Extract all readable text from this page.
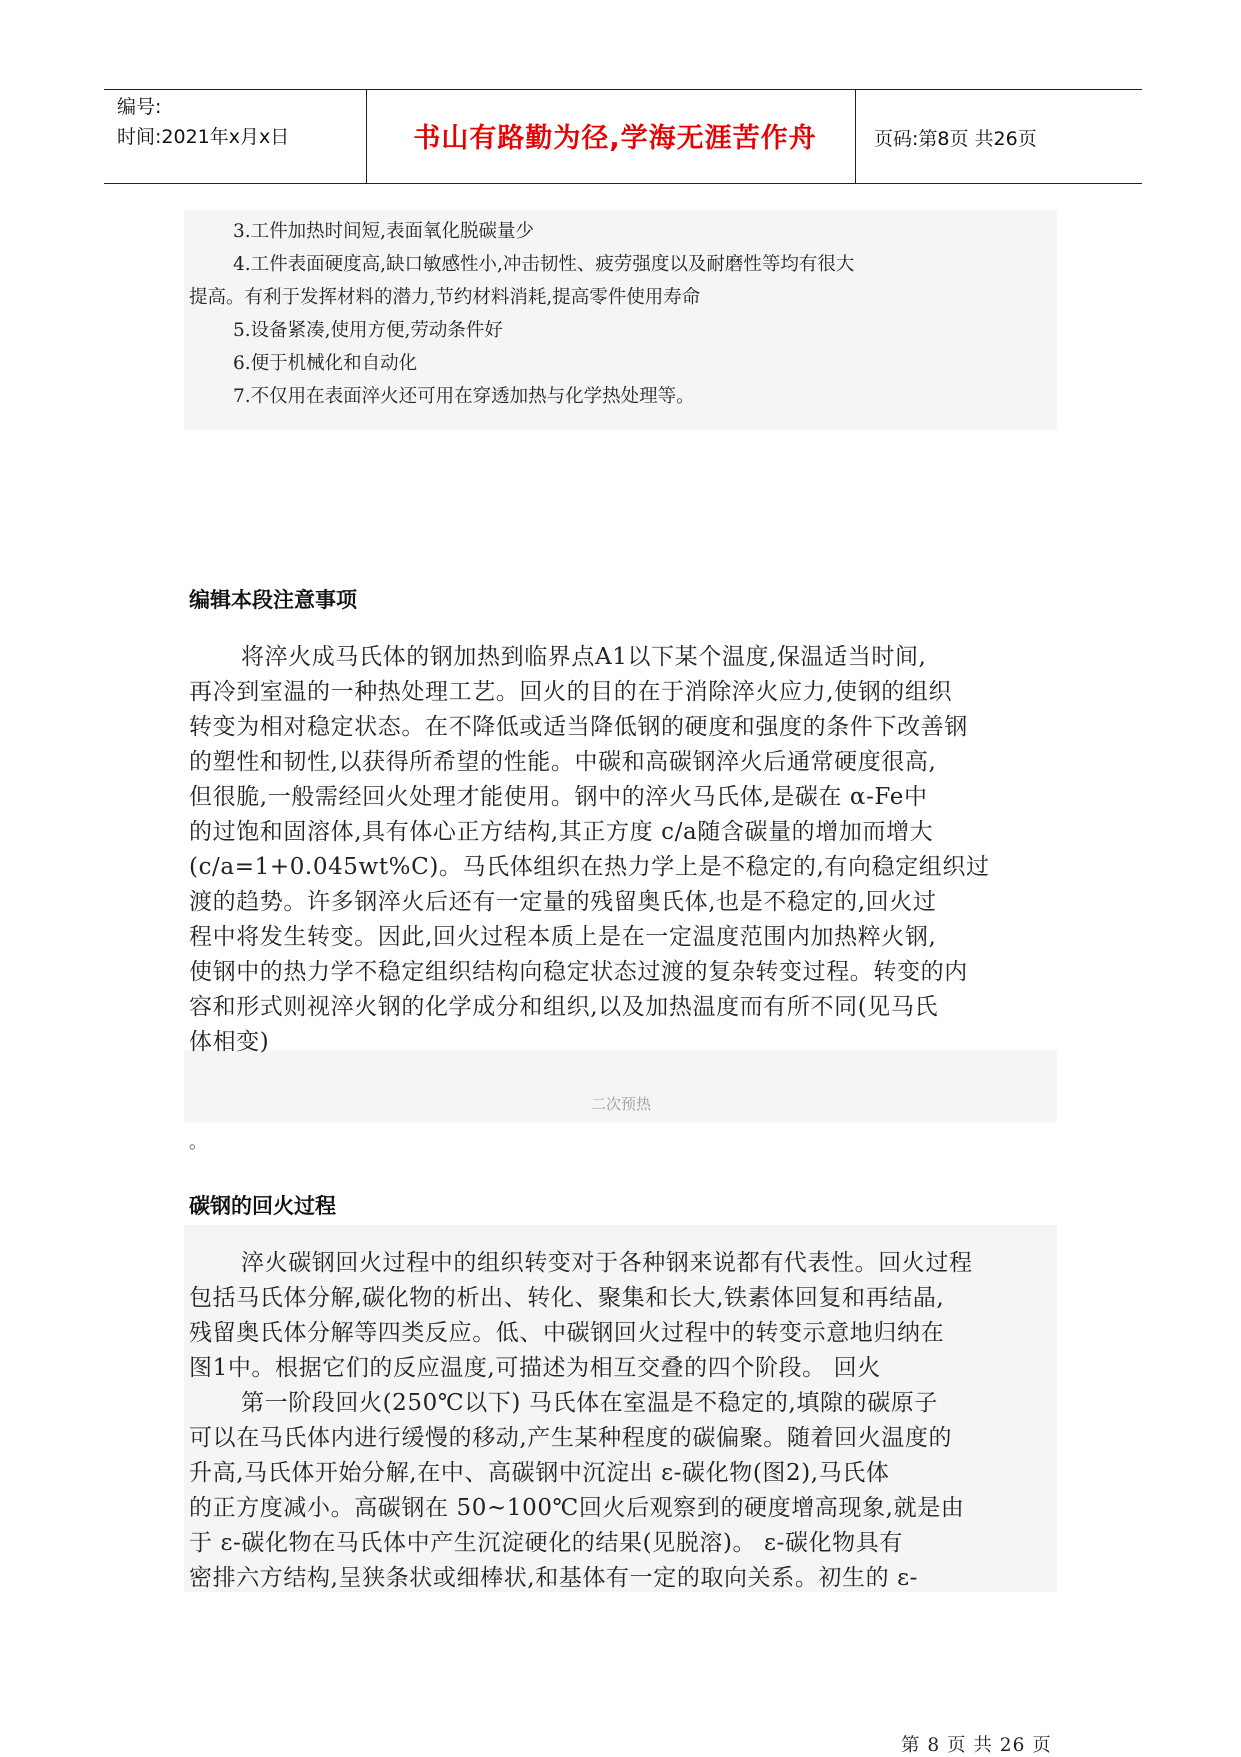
编号:
时间:2021年x月x日	书山有路勤为径,学海无涯苦作舟	页码:第8页 共26页
3.工件加热时间短,表面氧化脱碳量少
4.工件表面硬度高,缺口敏感性小,冲击韧性、疲劳强度以及耐磨性等均有很大
提高。有利于发挥材料的潜力,节约材料消耗,提高零件使用寿命
5.设备紧凑,使用方便,劳动条件好
6.便于机械化和自动化
7.不仅用在表面淬火还可用在穿透加热与化学热处理等。
编辑本段注意事项
将淬火成马氏体的钢加热到临界点A1以下某个温度,保温适当时间,
再冷到室温的一种热处理工艺。回火的目的在于消除淬火应力,使钢的组织
转变为相对稳定状态。在不降低或适当降低钢的硬度和强度的条件下改善钢
的塑性和韧性,以获得所希望的性能。中碳和高碳钢淬火后通常硬度很高,
但很脆,一般需经回火处理才能使用。钢中的淬火马氏体,是碳在 α-Fe中
的过饱和固溶体,具有体心正方结构,其正方度 c/a随含碳量的增加而增大
(c/a=1+0.045wt%C)。马氏体组织在热力学上是不稳定的,有向稳定组织过
渡的趋势。许多钢淬火后还有一定量的残留奥氏体,也是不稳定的,回火过
程中将发生转变。因此,回火过程本质上是在一定温度范围内加热粹火钢,
使钢中的热力学不稳定组织结构向稳定状态过渡的复杂转变过程。转变的内
容和形式则视淬火钢的化学成分和组织,以及加热温度而有所不同(见马氏
体相变)
二次预热
。
碳钢的回火过程
淬火碳钢回火过程中的组织转变对于各种钢来说都有代表性。回火过程
包括马氏体分解,碳化物的析出、转化、聚集和长大,铁素体回复和再结晶,
残留奥氏体分解等四类反应。低、中碳钢回火过程中的转变示意地归纳在
图1中。根据它们的反应温度,可描述为相互交叠的四个阶段。 回火
第一阶段回火(250℃以下) 马氏体在室温是不稳定的,填隙的碳原子
可以在马氏体内进行缓慢的移动,产生某种程度的碳偏聚。随着回火温度的
升高,马氏体开始分解,在中、高碳钢中沉淀出 ε-碳化物(图2),马氏体
的正方度减小。高碳钢在 50~100℃回火后观察到的硬度增高现象,就是由
于 ε-碳化物在马氏体中产生沉淀硬化的结果(见脱溶)。 ε-碳化物具有
密排六方结构,呈狭条状或细棒状,和基体有一定的取向关系。初生的 ε-
第 8 页 共 26 页
